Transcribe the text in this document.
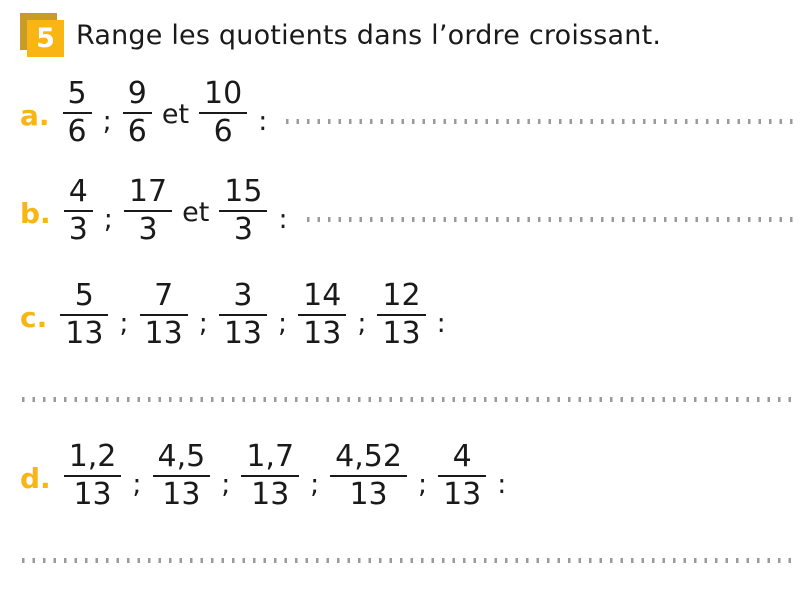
5 Range les quotients dans l’ordre croissant.
a. $\frac{5}{6}$ ; $\frac{9}{6}$ et $\frac{10}{6}$ :
b. $\frac{4}{3}$ ; $\frac{17}{3}$ et $\frac{15}{3}$ :
c. $\frac{5}{13}$ ; $\frac{7}{13}$ ; $\frac{3}{13}$ ; $\frac{14}{13}$ ; $\frac{12}{13}$ :
d. $\frac{1,2}{13}$ ; $\frac{4,5}{13}$ ; $\frac{1,7}{13}$ ; $\frac{4,52}{13}$ ; $\frac{4}{13}$ :
